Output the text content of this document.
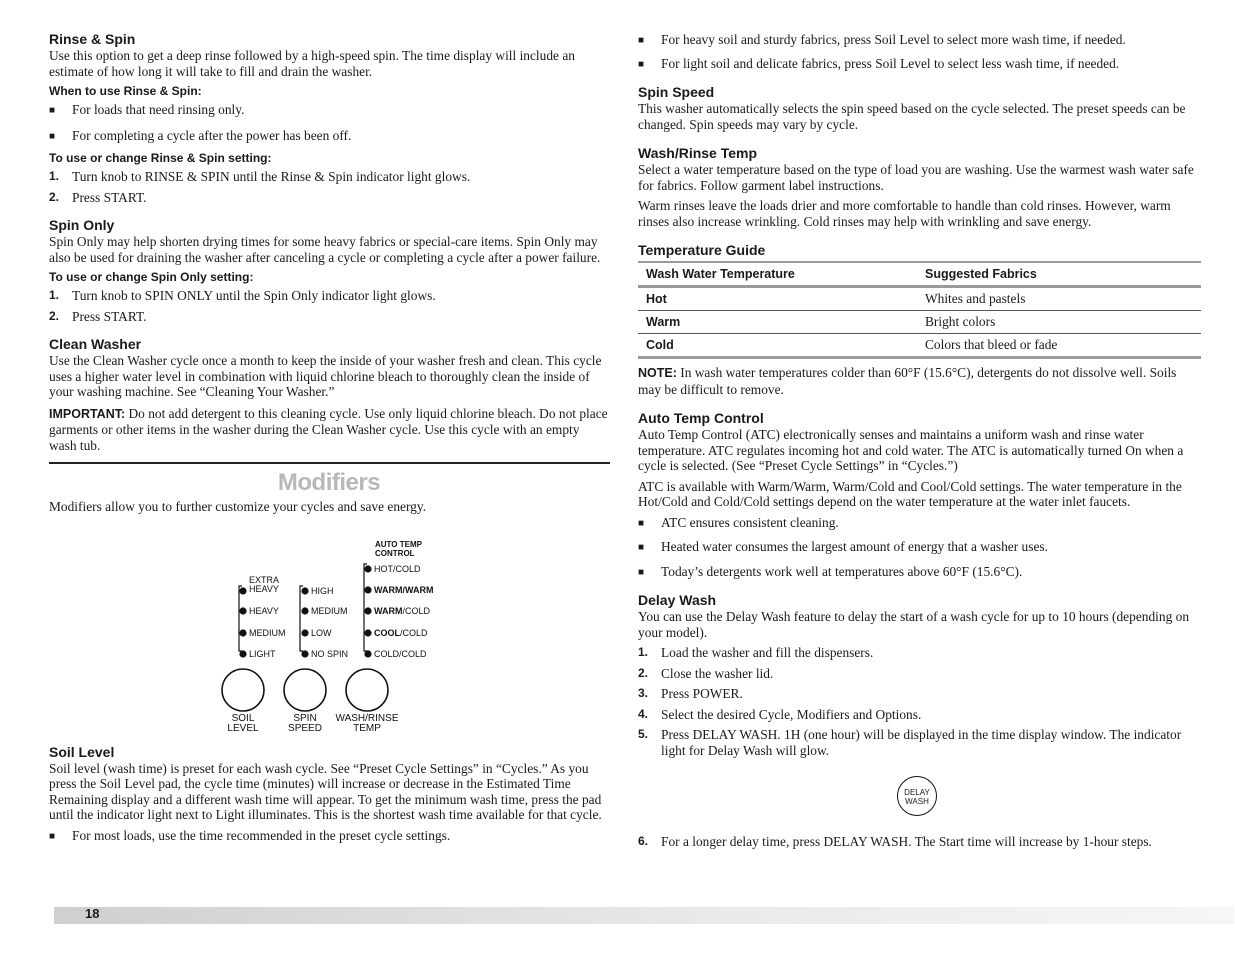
Rinse & Spin

Use this option to get a deep rinse followed by a high-speed spin. The time display will include an estimate of how long it will take to fill and drain the washer.

When to use Rinse & Spin:
■	For loads that need rinsing only.
■	For completing a cycle after the power has been off.
To use or change Rinse & Spin setting:
1. Turn knob to RINSE & SPIN until the Rinse & Spin indicator light glows.
2. Press START.
Spin Only

Spin Only may help shorten drying times for some heavy fabrics or special-care items. Spin Only may also be used for draining the washer after canceling a cycle or completing a cycle after a power failure.

To use or change Spin Only setting:
1. Turn knob to SPIN ONLY until the Spin Only indicator light glows.
2. Press START.
Clean Washer

Use the Clean Washer cycle once a month to keep the inside of your washer fresh and clean. This cycle uses a higher water level in combination with liquid chlorine bleach to thoroughly clean the inside of your washing machine. See “Cleaning Your Washer.”

IMPORTANT: Do not add detergent to this cleaning cycle. Use only liquid chlorine bleach. Do not place garments or other items in the washer during the Clean Washer cycle. Use this cycle with an empty wash tub.

Modifiers

Modifiers allow you to further customize your cycles and save energy.

EXTRA
HEAVY
HEAVY
MEDIUM
LIGHT
HIGH
MEDIUM
LOW
NO SPIN
AUTO TEMP
CONTROL
HOT/COLD
WARM/WARM
WARM/COLD
COOL/COLD
COLD/COLD
SOIL
LEVEL
SPIN
SPEED
WASH/RINSE
TEMP
Soil Level

Soil level (wash time) is preset for each wash cycle. See “Preset Cycle Settings” in “Cycles.” As you press the Soil Level pad, the cycle time (minutes) will increase or decrease in the Estimated Time Remaining display and a different wash time will appear. To get the minimum wash time, press the pad until the indicator light next to Light illuminates. This is the shortest wash time available for that cycle.

■	For most loads, use the time recommended in the preset cycle settings.
■	For heavy soil and sturdy fabrics, press Soil Level to select more wash time, if needed.
■	For light soil and delicate fabrics, press Soil Level to select less wash time, if needed.
Spin Speed

This washer automatically selects the spin speed based on the cycle selected. The preset speeds can be changed. Spin speeds may vary by cycle.

Wash/Rinse Temp

Select a water temperature based on the type of load you are washing. Use the warmest wash water safe for fabrics. Follow garment label instructions.

Warm rinses leave the loads drier and more comfortable to handle than cold rinses. However, warm rinses also increase wrinkling. Cold rinses may help with wrinkling and save energy.

Temperature Guide
Wash Water Temperature	Suggested Fabrics
Hot	Whites and pastels
Warm	Bright colors
Cold	Colors that bleed or fade

NOTE: In wash water temperatures colder than 60°F (15.6°C), detergents do not dissolve well. Soils may be difficult to remove.

Auto Temp Control

Auto Temp Control (ATC) electronically senses and maintains a uniform wash and rinse water temperature. ATC regulates incoming hot and cold water. The ATC is automatically turned On when a cycle is selected. (See “Preset Cycle Settings” in “Cycles.”)

ATC is available with Warm/Warm, Warm/Cold and Cool/Cold settings. The water temperature in the Hot/Cold and Cold/Cold settings depend on the water temperature at the water inlet faucets.

■	ATC ensures consistent cleaning.
■	Heated water consumes the largest amount of energy that a washer uses.
■	Today’s detergents work well at temperatures above 60°F (15.6°C).
Delay Wash

You can use the Delay Wash feature to delay the start of a wash cycle for up to 10 hours (depending on your model).

1. Load the washer and fill the dispensers.
2. Close the washer lid.
3. Press POWER.
4. Select the desired Cycle, Modifiers and Options.
5. Press DELAY WASH. 1H (one hour) will be displayed in the time display window. The indicator light for Delay Wash will glow.
DELAY
WASH
6. For a longer delay time, press DELAY WASH. The Start time will increase by 1-hour steps.
18
